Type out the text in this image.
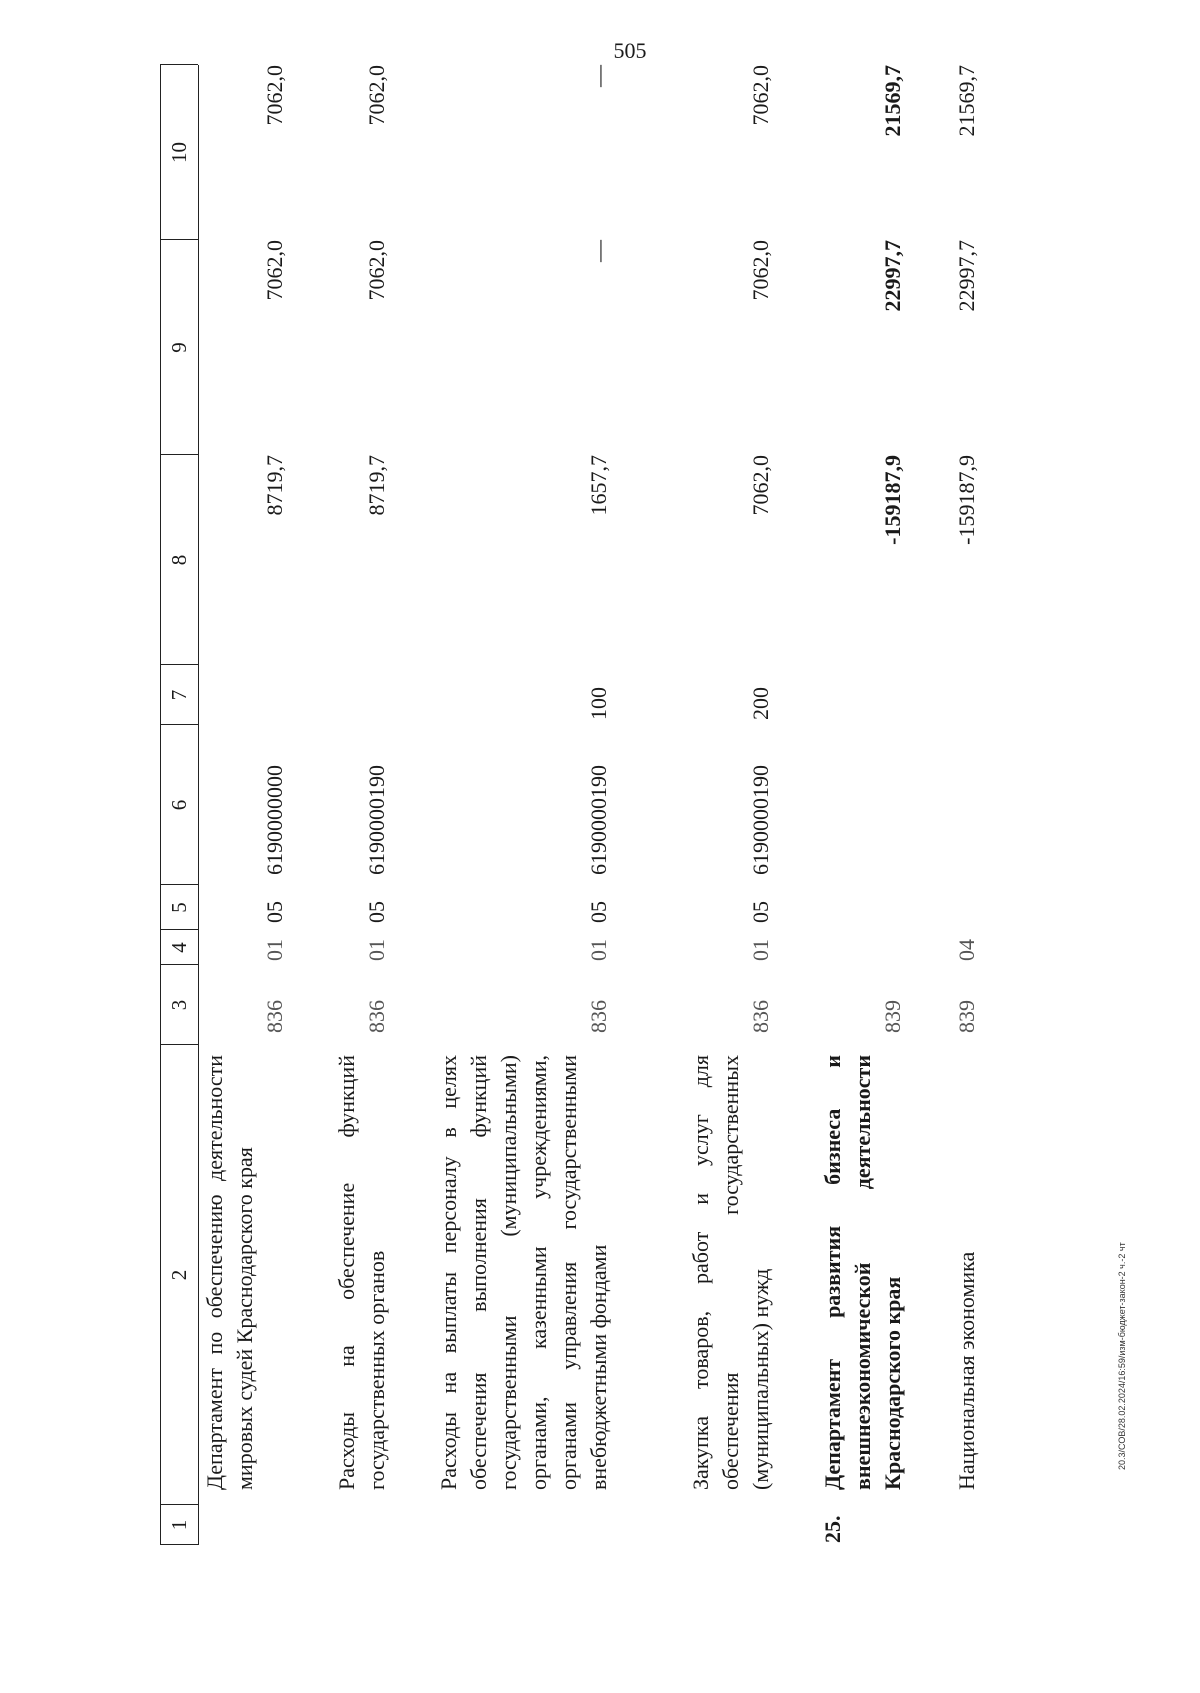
505
1
2
3
4
5
6
7
8
9
10
Департамент по обеспечению деятельности мировых судей Краснодарского края
836
01
05
6190000000
8719,7
7062,0
7062,0
Расходы на обеспечение функций государственных органов
836
01
05
6190000190
8719,7
7062,0
7062,0
Расходы на выплаты персоналу в целях обеспечения выполнения функций государственными (муниципальными) органами, казенными учреждениями, органами управления государственными внебюджетными фондами
836
01
05
6190000190
100
1657,7
—
—
Закупка товаров, работ и услуг для обеспечения государственных (муниципальных) нужд
836
01
05
6190000190
200
7062,0
7062,0
7062,0
25.
Департамент развития бизнеса и внешнеэкономической деятельности Краснодарского края
839
-159187,9
22997,7
21569,7
Национальная экономика
839
04
-159187,9
22997,7
21569,7
20.3/СОВ/28.02.2024/16:59/изм-бюджет-закон-2 ч.-2 чт
